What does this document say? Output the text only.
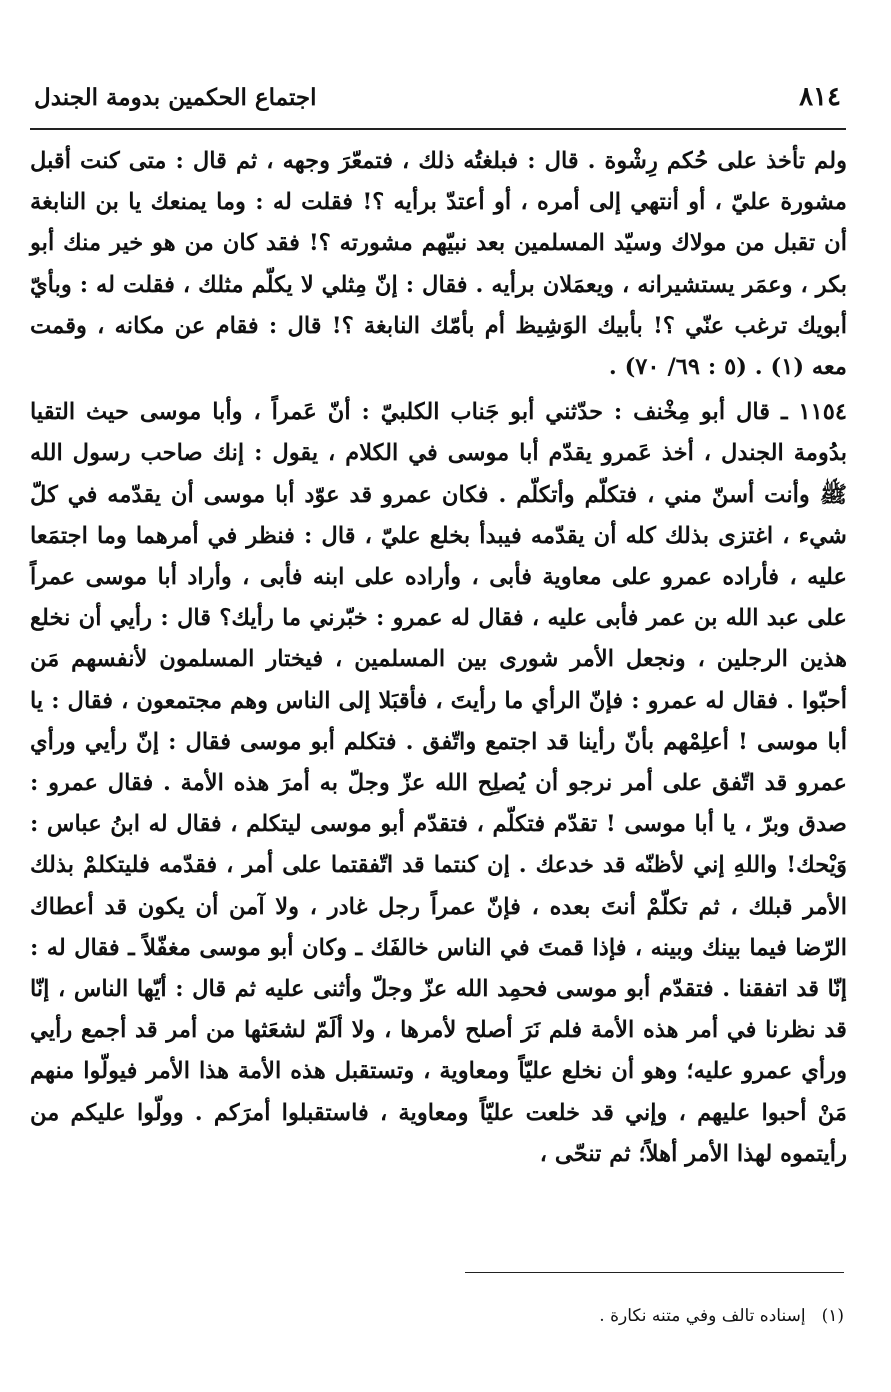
٨١٤
اجتماع الحكمين بدومة الجندل

ولم تأخذ على حُكم رِشْوة . قال : فبلغتُه ذلك ، فتمعّرَ وجهه ، ثم قال : متى كنت أقبل مشورة عليّ ، أو أنتهي إلى أمره ، أو أعتدّ برأيه ؟! فقلت له : وما يمنعك يا بن النابغة أن تقبل من مولاك وسيّد المسلمين بعد نبيّهم مشورته ؟! فقد كان من هو خير منك أبو بكر ، وعمَر يستشيرانه ، ويعمَلان برأيه . فقال : إنّ مِثلي لا يكلّم مثلك ، فقلت له : وبأيّ أبويك ترغب عنّي ؟! بأبيك الوَشِيظ أم بأمّك النابغة ؟! قال : فقام عن مكانه ، وقمت معه (١) . (٥ : ٦٩/ ٧٠) .

١١٥٤ ـ قال أبو مِخْنف : حدّثني أبو جَناب الكلبيّ : أنّ عَمراً ، وأبا موسى حيث التقيا بدُومة الجندل ، أخذ عَمرو يقدّم أبا موسى في الكلام ، يقول : إنك صاحب رسول الله ﷺ وأنت أسنّ مني ، فتكلّم وأتكلّم . فكان عمرو قد عوّد أبا موسى أن يقدّمه في كلّ شيء ، اغتزى بذلك كله أن يقدّمه فيبدأ بخلع عليّ ، قال : فنظر في أمرهما وما اجتمَعا عليه ، فأراده عمرو على معاوية فأبى ، وأراده على ابنه فأبى ، وأراد أبا موسى عمراً على عبد الله بن عمر فأبى عليه ، فقال له عمرو : خبّرني ما رأيك؟ قال : رأيي أن نخلع هذين الرجلين ، ونجعل الأمر شورى بين المسلمين ، فيختار المسلمون لأنفسهم مَن أحبّوا . فقال له عمرو : فإنّ الرأي ما رأيتَ ، فأقبَلا إلى الناس وهم مجتمعون ، فقال : يا أبا موسى ! أعلِمْهم بأنّ رأينا قد اجتمع واتّفق . فتكلم أبو موسى فقال : إنّ رأيي ورأي عمرو قد اتّفق على أمر نرجو أن يُصلِح الله عزّ وجلّ به أمرَ هذه الأمة . فقال عمرو : صدق وبرّ ، يا أبا موسى ! تقدّم فتكلّم ، فتقدّم أبو موسى ليتكلم ، فقال له ابنُ عباس : وَيْحك! واللهِ إني لأظنّه قد خدعك . إن كنتما قد اتّفقتما على أمر ، فقدّمه فليتكلمْ بذلك الأمر قبلك ، ثم تكلّمْ أنتَ بعده ، فإنّ عمراً رجل غادر ، ولا آمن أن يكون قد أعطاك الرّضا فيما بينك وبينه ، فإذا قمتَ في الناس خالفَك ـ وكان أبو موسى مغفّلاً ـ فقال له : إنّا قد اتفقنا . فتقدّم أبو موسى فحمِد الله عزّ وجلّ وأثنى عليه ثم قال : أيّها الناس ، إنّا قد نظرنا في أمر هذه الأمة فلم نَرَ أصلح لأمرها ، ولا ألَمّ لشعَثها من أمر قد أجمع رأيي ورأي عمرو عليه؛ وهو أن نخلع عليّاً ومعاوية ، وتستقبل هذه الأمة هذا الأمر فيولّوا منهم مَنْ أحبوا عليهم ، وإني قد خلعت عليّاً ومعاوية ، فاستقبلوا أمرَكم . وولّوا عليكم من رأيتموه لهذا الأمر أهلاً؛ ثم تنحّى ،

(١)إسناده تالف وفي متنه نكارة .
